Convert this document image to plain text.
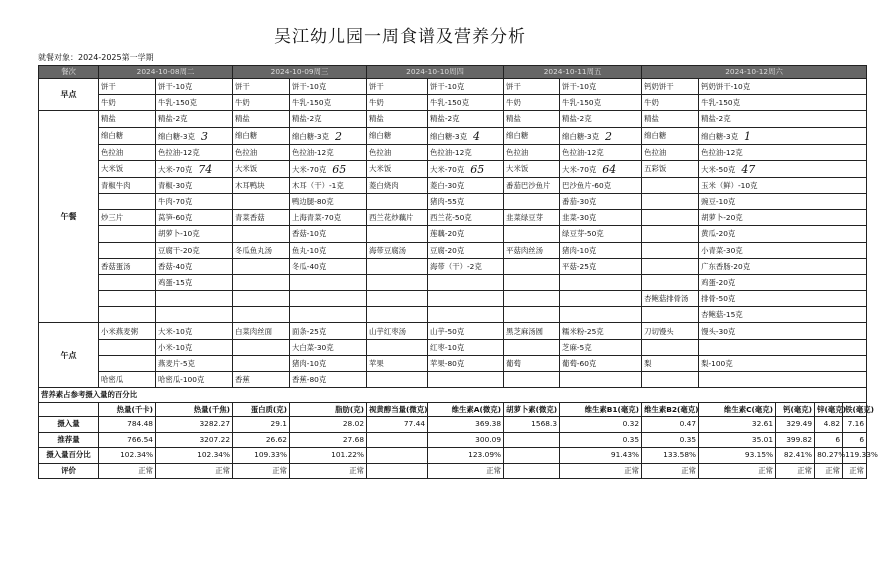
吴江幼儿园一周食谱及营养分析
就餐对象：2024-2025第一学期
餐次	2024-10-08周二		2024-10-09周三		2024-10-10周四		2024-10-11周五		2024-10-12周六				
早点	饼干	饼干-10克	饼干	饼干-10克	饼干	饼干-10克	饼干	饼干-10克	钙奶饼干	钙奶饼干-10克			
	牛奶	牛乳-150克	牛奶	牛乳-150克	牛奶	牛乳-150克	牛奶	牛乳-150克	牛奶	牛乳-150克			
午餐	精盐	精盐-2克	精盐	精盐-2克	精盐	精盐-2克	精盐	精盐-2克	精盐	精盐-2克			
	绵白糖	绵白糖-3克 3	绵白糖	绵白糖-3克 2	绵白糖	绵白糖-3克 4	绵白糖	绵白糖-3克 2	绵白糖	绵白糖-3克 1			
	色拉油	色拉油-12克	色拉油	色拉油-12克	色拉油	色拉油-12克	色拉油	色拉油-12克	色拉油	色拉油-12克			
	大米饭	大米-70克 74	大米饭	大米-70克 65	大米饭	大米-70克 65	大米饭	大米-70克 64	五彩饭	大米-50克 47			
	青椒牛肉	青椒-30克	木耳鸭块	木耳（干）-1克	菱白烧肉	菱白-30克	番茄巴沙鱼片	巴沙鱼片-60克		玉米（鲜）-10克			
		牛肉-70克		鸭边腿-80克		猪肉-55克		番茄-30克		豌豆-10克			
	炒三片	莴笋-60克	青菜香菇	上海青菜-70克	西兰花炒藕片	西兰花-50克	韭菜绿豆芽	韭菜-30克		胡萝卜-20克			
		胡萝卜-10克		香菇-10克		莲藕-20克		绿豆芽-50克		黄瓜-20克			
		豆腐干-20克	冬瓜鱼丸汤	鱼丸-10克	海带豆腐汤	豆腐-20克	平菇肉丝汤	猪肉-10克		小青菜-30克			
	香菇蛋汤	香菇-40克		冬瓜-40克		海带（干）-2克		平菇-25克		广东香肠-20克			
		鸡蛋-15克								鸡蛋-20克			
									杏鲍菇排骨汤	排骨-50克			
										杏鲍菇-15克			
午点	小米燕麦粥	大米-10克	白菜肉丝面	面条-25克	山芋红枣汤	山芋-50克	黑芝麻汤圆	糯米粉-25克	刀切馒头	馒头-30克			
		小米-10克		大白菜-30克		红枣-10克		芝麻-5克					
		燕麦片-5克		猪肉-10克	苹果	苹果-80克	葡萄	葡萄-60克	梨	梨-100克			
	哈密瓜	哈密瓜-100克	香蕉	香蕉-80克									
营养素占参考摄入量的百分比													
	热量(千卡)	热量(千焦)	蛋白质(克)	脂肪(克)	视黄醇当量(微克)	维生素A(微克)	胡萝卜素(微克)	维生素B1(毫克)	维生素B2(毫克)	维生素C(毫克)	钙(毫克)	锌(毫克)	铁(毫克)
摄入量	784.48	3282.27	29.1	28.02	77.44	369.38	1568.3	0.32	0.47	32.61	329.49	4.82	7.16
推荐量	766.54	3207.22	26.62	27.68		300.09		0.35	0.35	35.01	399.82	6	6
摄入量百分比	102.34%	102.34%	109.33%	101.22%		123.09%		91.43%	133.58%	93.15%	82.41%	80.27%	119.33%
评价	正常	正常	正常	正常		正常		正常	正常	正常	正常	正常	正常
